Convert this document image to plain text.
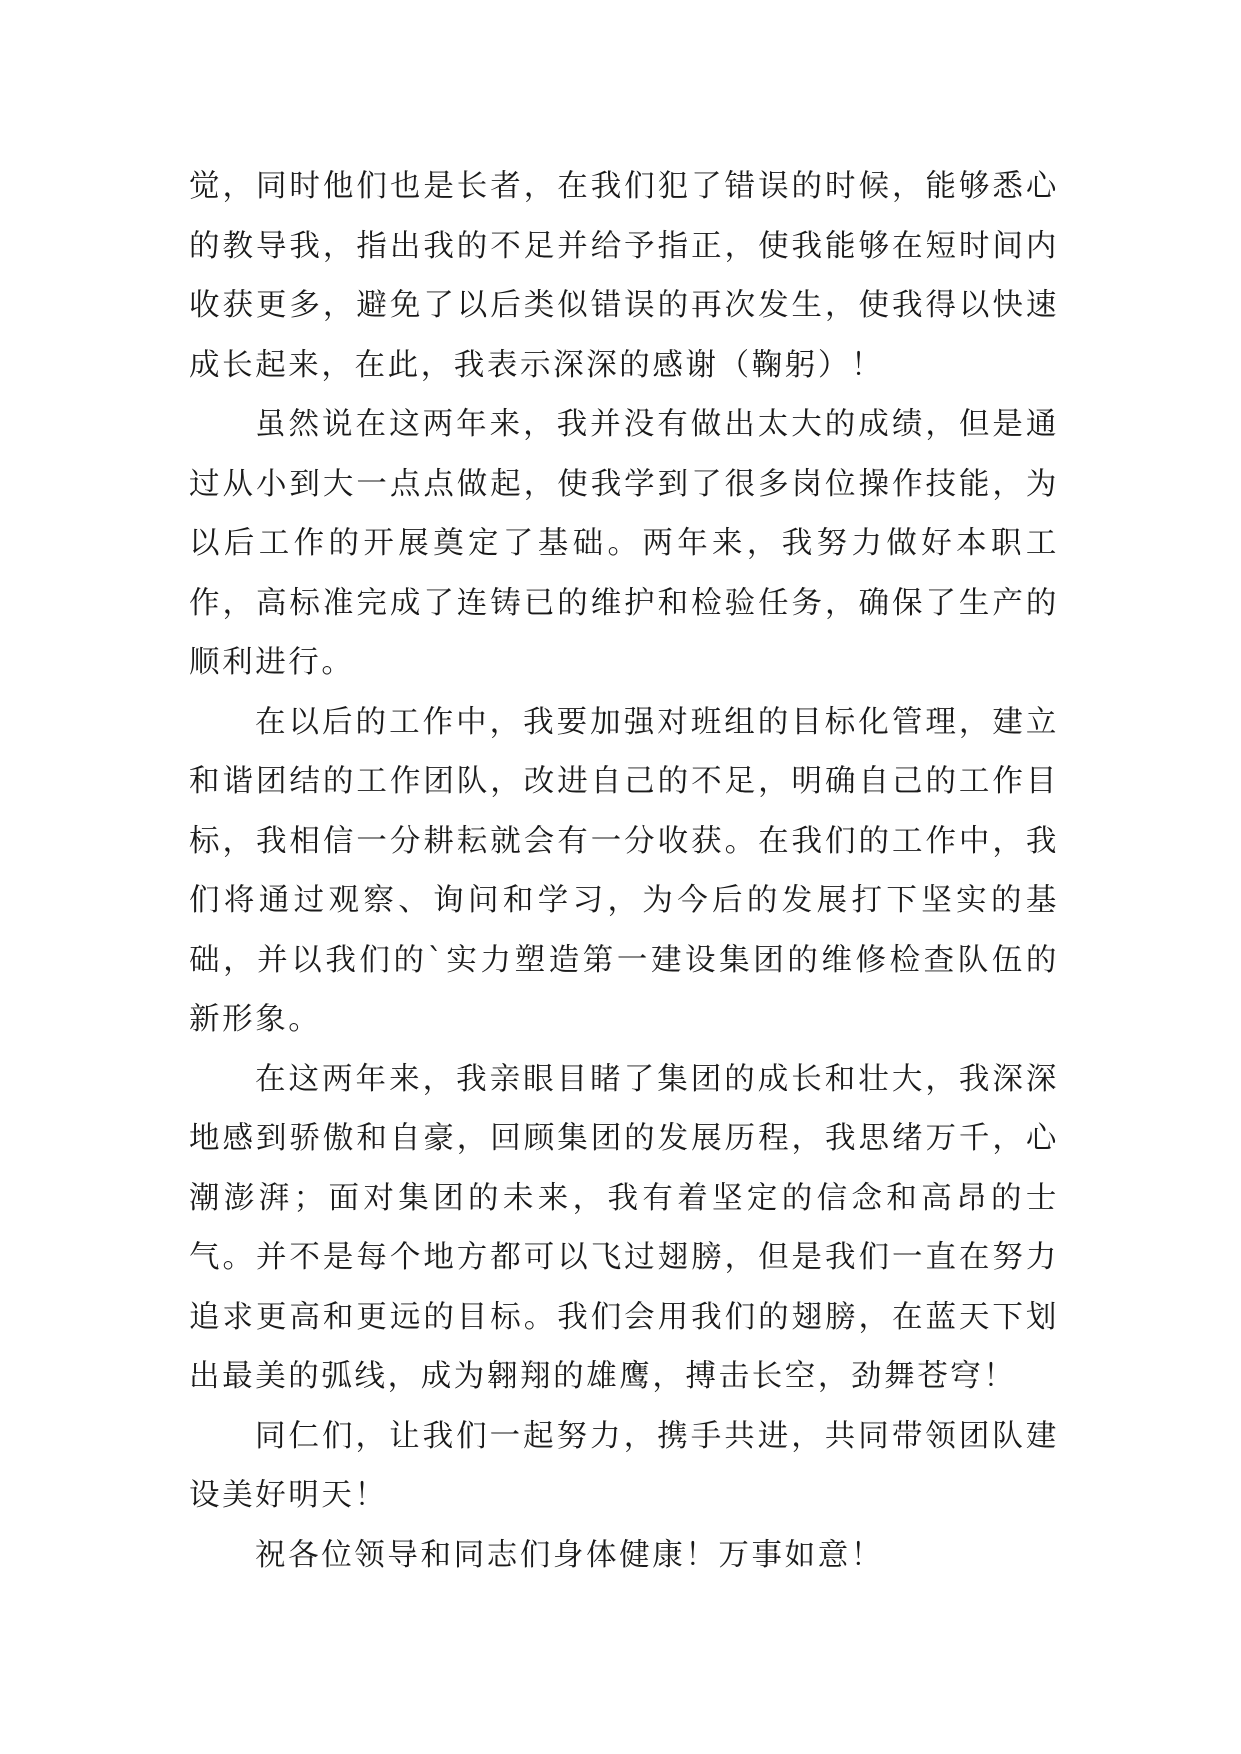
觉，同时他们也是长者，在我们犯了错误的时候，能够悉心的教导我，指出我的不足并给予指正，使我能够在短时间内收获更多，避免了以后类似错误的再次发生，使我得以快速成长起来，在此，我表示深深的感谢（鞠躬）！

虽然说在这两年来，我并没有做出太大的成绩，但是通过从小到大一点点做起，使我学到了很多岗位操作技能，为以后工作的开展奠定了基础。两年来，我努力做好本职工作，高标准完成了连铸已的维护和检验任务，确保了生产的顺利进行。

在以后的工作中，我要加强对班组的目标化管理，建立和谐团结的工作团队，改进自己的不足，明确自己的工作目标，我相信一分耕耘就会有一分收获。在我们的工作中，我们将通过观察、询问和学习，为今后的发展打下坚实的基础，并以我们的`实力塑造第一建设集团的维修检查队伍的新形象。

在这两年来，我亲眼目睹了集团的成长和壮大，我深深地感到骄傲和自豪，回顾集团的发展历程，我思绪万千，心潮澎湃；面对集团的未来，我有着坚定的信念和高昂的士气。并不是每个地方都可以飞过翅膀，但是我们一直在努力追求更高和更远的目标。我们会用我们的翅膀，在蓝天下划出最美的弧线，成为翱翔的雄鹰，搏击长空，劲舞苍穹！

同仁们，让我们一起努力，携手共进，共同带领团队建设美好明天！

祝各位领导和同志们身体健康！万事如意！
